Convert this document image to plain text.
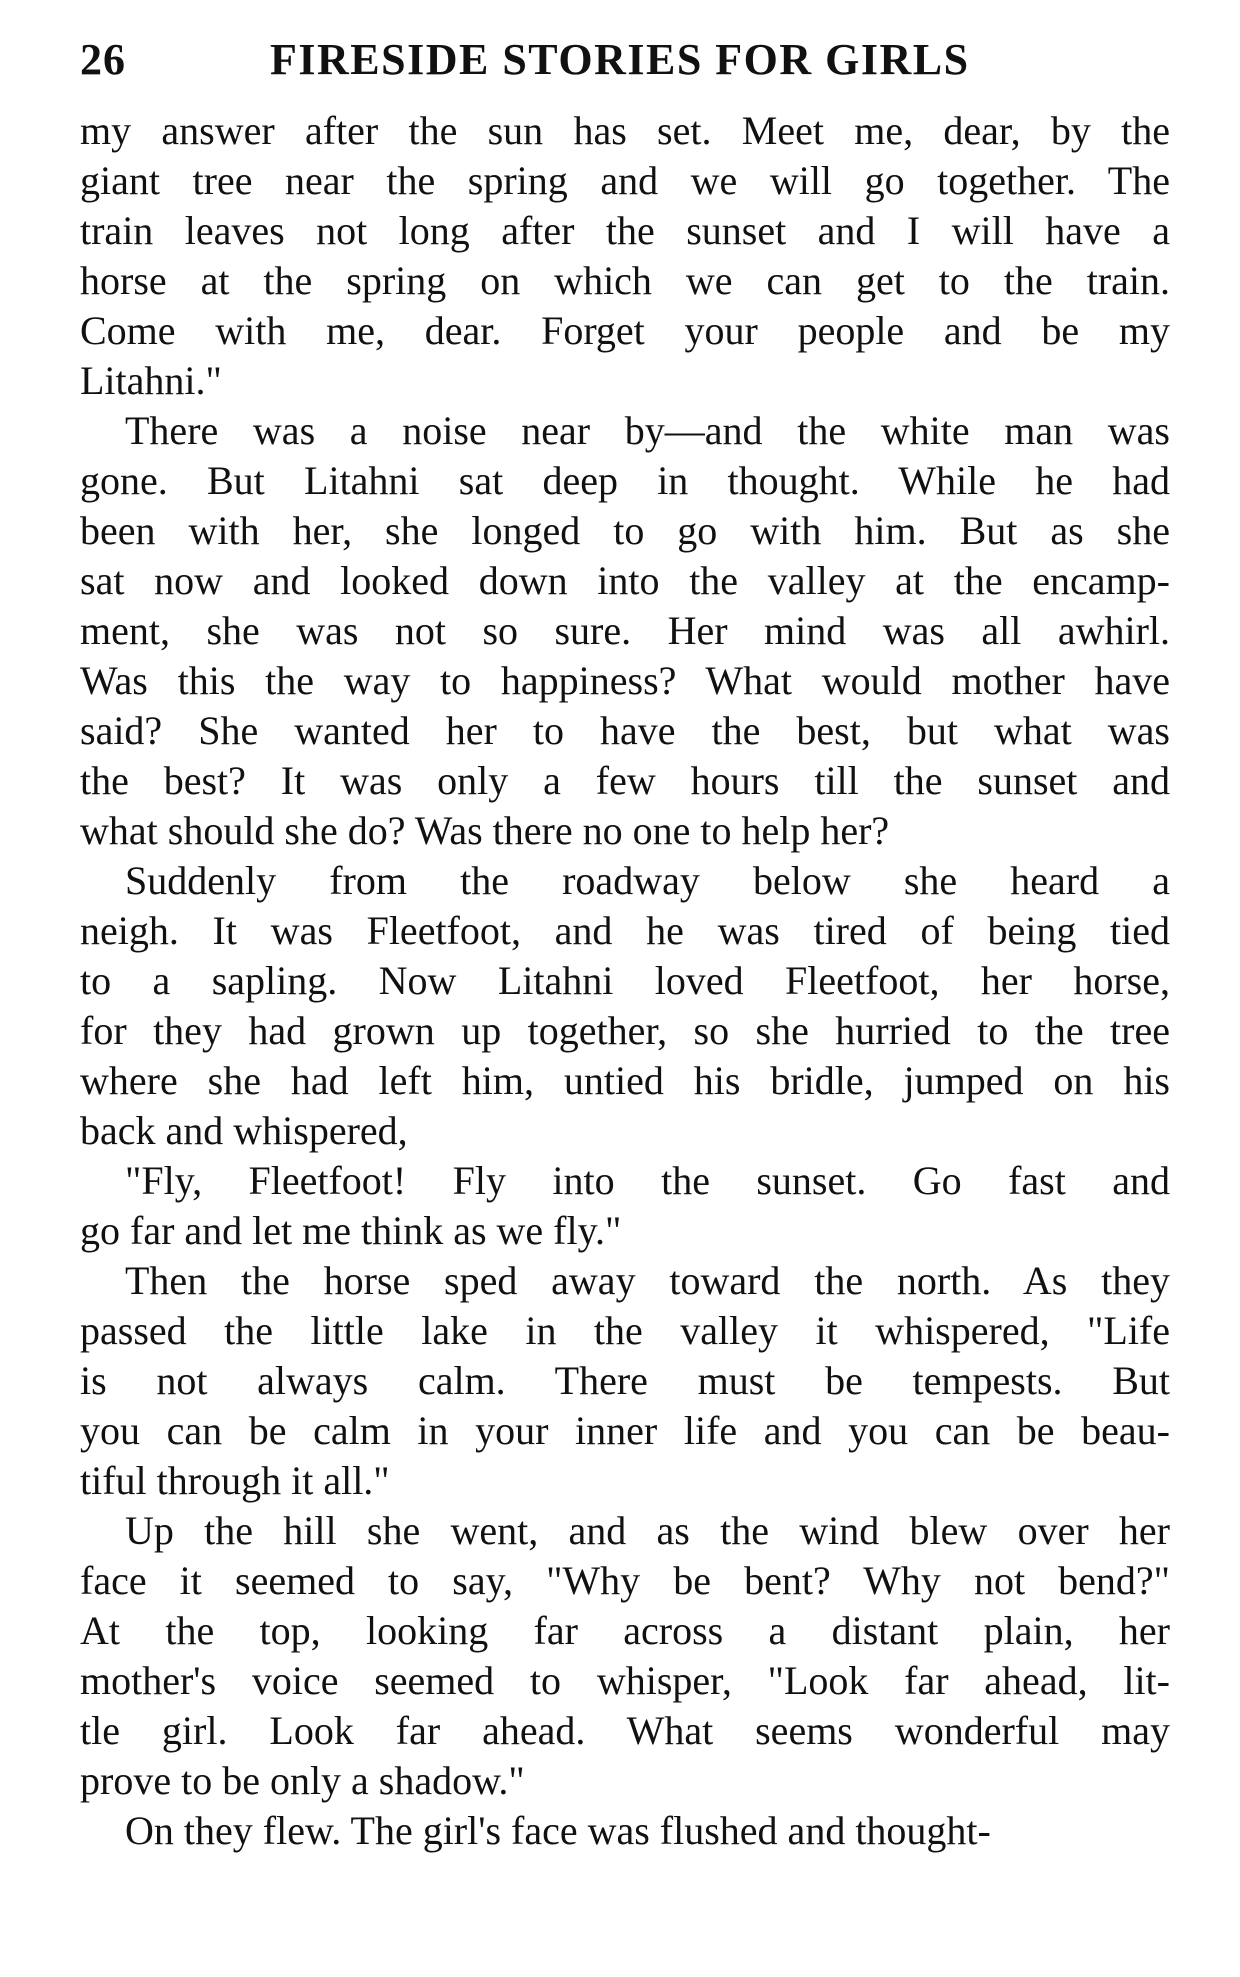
26	FIRESIDE STORIES FOR GIRLS
my answer after the sun has set. Meet me, dear, by the
giant tree near the spring and we will go together. The
train leaves not long after the sunset and I will have a
horse at the spring on which we can get to the train.
Come with me, dear. Forget your people and be my
Litahni."
There was a noise near by—and the white man was
gone. But Litahni sat deep in thought. While he had
been with her, she longed to go with him. But as she
sat now and looked down into the valley at the encamp-
ment, she was not so sure. Her mind was all awhirl.
Was this the way to happiness? What would mother have
said? She wanted her to have the best, but what was
the best? It was only a few hours till the sunset and
what should she do? Was there no one to help her?
Suddenly from the roadway below she heard a
neigh. It was Fleetfoot, and he was tired of being tied
to a sapling. Now Litahni loved Fleetfoot, her horse,
for they had grown up together, so she hurried to the tree
where she had left him, untied his bridle, jumped on his
back and whispered,
"Fly, Fleetfoot! Fly into the sunset. Go fast and
go far and let me think as we fly."
Then the horse sped away toward the north. As they
passed the little lake in the valley it whispered, "Life
is not always calm. There must be tempests. But
you can be calm in your inner life and you can be beau-
tiful through it all."
Up the hill she went, and as the wind blew over her
face it seemed to say, "Why be bent? Why not bend?"
At the top, looking far across a distant plain, her
mother's voice seemed to whisper, "Look far ahead, lit-
tle girl. Look far ahead. What seems wonderful may
prove to be only a shadow."
On they flew. The girl's face was flushed and thought-
